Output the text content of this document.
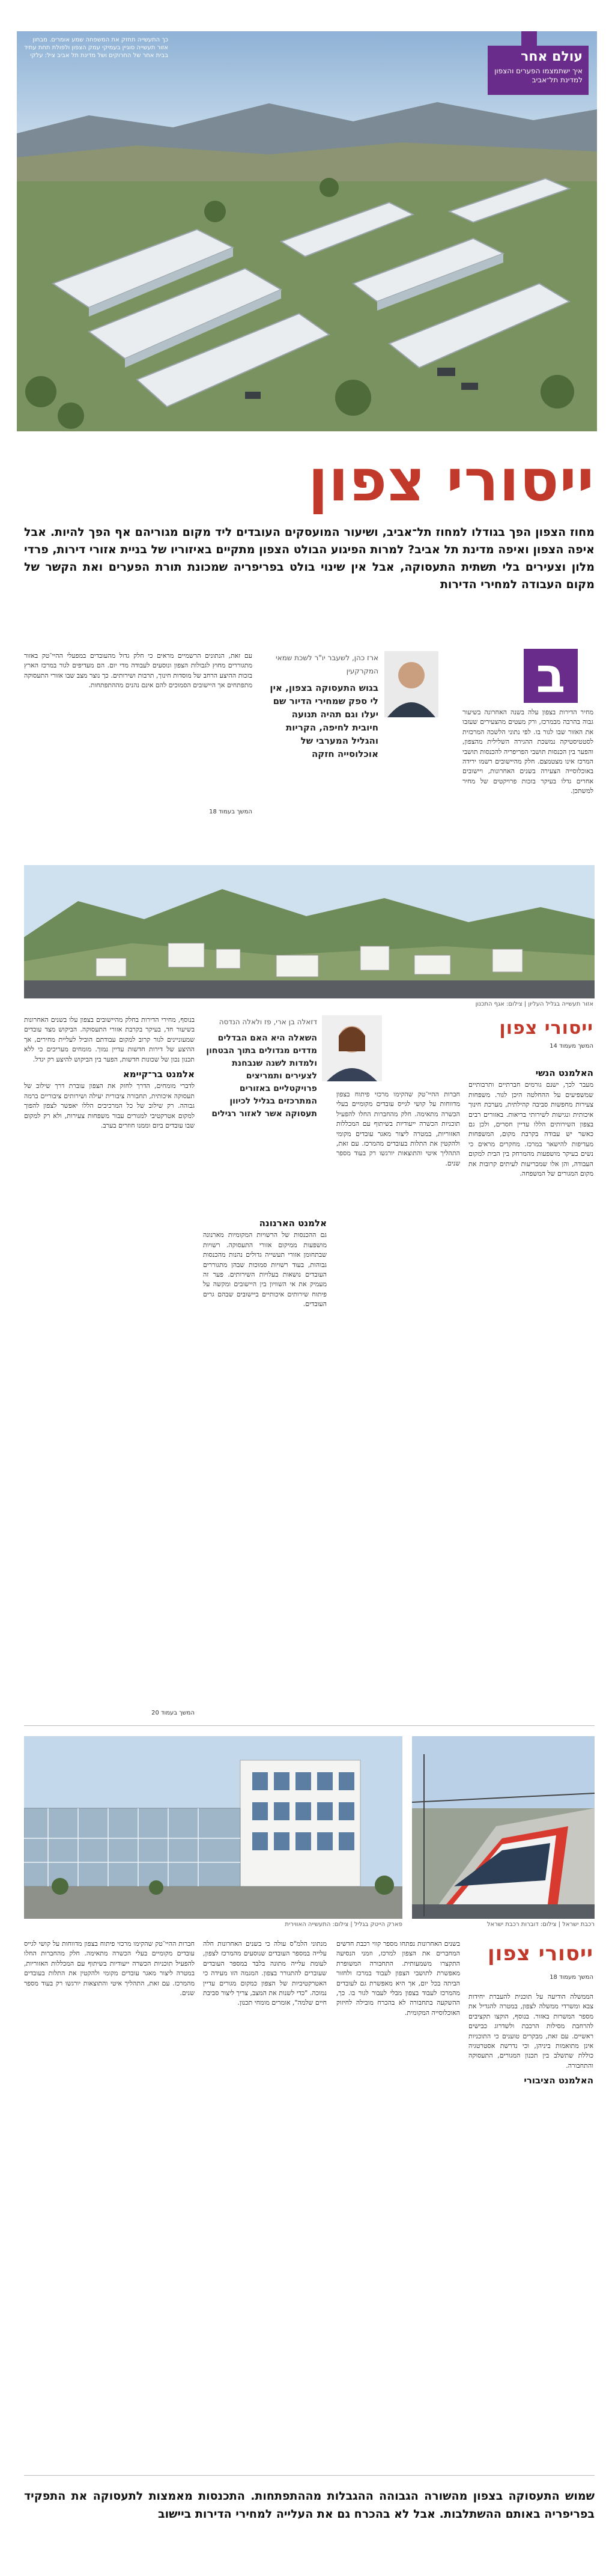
עולם אחר
איך ישתמצמו הפערים והצפון למדינת תל־אביב
כך התעשייה תחזק את המשפחה שמע אומרים. מבחון אזור תעשייה סוגיין בעמיקי עמק הצפון ולפולת תחת עתיד בבית אחר של החרוקים ושל מדינת תל אביב ציל: עלקי
ייסורי צפון
מחוז הצפון הפך בגודלו למחוז תל־אביב, ושיעור המועסקים העובדים ליד מקום מגוריהם אף הפך להיות. אבל איפה הצפון ואיפה מדינת תל אביב? למרות הפיגוע הבולט הצפון מתקיים באיזוריו של בניית אזורי דירות, פרדי מלון וצעירים בלי תשתית התעסוקה, אבל אין שינוי בולט בפריפריה שמכונת תורת הפערים ואת הקשר של מקום העבודה למחירי הדירות
ב
מחיר הדירות בצפון עלה בשנה האחרונה בשיעור גבוה בהרבה מבמרכז, ורק מעטים מהצעירים שעזבו את האזור שבו לגור בו. לפי נתוני הלשכה המרכזית לסטטיסטיקה נמשכת ההגירה השלילית מהצפון, והפער בין הכנסות תושבי הפריפריה להכנסות תושבי המרכז אינו מצטמצם. חלק מהיישובים רשמו ירידה באוכלוסייה הצעירה בשנים האחרונות, ויישובים אחרים גדלו בעיקר בזכות פרויקטים של מחיר למשתכן.
ארז כהן, לשעבר יו"ר לשכת שמאי המקרקעין
בגוש התעסוקה בצפון, אין לי ספק שמחירי הדיור שם יעלו וגם תהיה תנועה חיובית לחיפה, הקריות והגליל המערבי של אוכלוסייה חזקה
עם זאת, הנתונים הרשמיים מראים כי חלק גדול מהעובדים במפעלי ההיי־טק באזור מתגוררים מחוץ לגבולות הצפון ונוסעים לעבודה מדי יום. הם מעדיפים לגור במרכז הארץ בזכות ההיצע הרחב של מוסדות חינוך, תרבות ושירותים. כך נוצר מצב שבו אזורי התעסוקה מתפתחים אך היישובים הסמוכים להם אינם נהנים מההתפתחות.
המשך בעמוד 18
אזור תעשייה בגליל העליון | צילום: אגף התכנון
ייסורי צפון
המשך מעמוד 14
דזאלה בן ארי, פז ולאלה הנדסה
השאלה היא האם הבדלים מדדים מגדולים בתוך הבטחון ולמדות לשנה שנבחנת לצעירים ותמריצים פרויקטליים באזורים המתרכזים בגליל לכיוון תעסוקה אשר לאזור רגילים
האלמנט הנשי

מעבר לכך, ישנם גורמים חברתיים ותרבותיים שמשפיעים על ההחלטה היכן לגור. משפחות צעירות מחפשות סביבה קהילתית, מערכת חינוך איכותית ונגישות לשירותי בריאות. באזורים רבים בצפון השירותים הללו עדיין חסרים, ולכן גם כאשר יש עבודה בקרבת מקום, המשפחות מעדיפות להישאר במרכז. מחקרים מראים כי נשים בעיקר מושפעות מהמרחק בין הבית למקום העבודה, והן אלו שמכריעות לעיתים קרובות את מקום המגורים של המשפחה.

חברות ההיי־טק שהקימו מרכזי פיתוח בצפון מדווחות על קושי לגייס עובדים מקומיים בעלי הכשרה מתאימה. חלק מהחברות החלו להפעיל תוכניות הכשרה ייעודיות בשיתוף עם המכללות האזוריות, במטרה ליצור מאגר עובדים מקומי ולהקטין את התלות בעובדים מהמרכז. עם זאת, התהליך איטי והתוצאות יורגשו רק בעוד מספר שנים.

אלמנט הארנונה

גם ההכנסות של הרשויות המקומיות מארנונה מושפעות ממיקום אזורי התעסוקה. רשויות שבתחומן אזורי תעשייה גדולים נהנות מהכנסות גבוהות, בעוד רשויות סמוכות שבהן מתגוררים העובדים נושאות בעלויות השירותים. פער זה מעמיק את אי השוויון בין היישובים ומקשה על פיתוח שירותים איכותיים ביישובים שבהם גרים העובדים.

בנוסף, מחירי הדירות בחלק מהיישובים בצפון עלו בשנים האחרונות בשיעור חד, בעיקר בקרבת אזורי התעסוקה. הביקוש מצד עובדים שמעוניינים לגור קרוב למקום עבודתם הוביל לעליית מחירים, אך ההיצע של דירות חדשות עדיין נמוך. מומחים מעריכים כי ללא תכנון נכון של שכונות חדשות, הפער בין הביקוש להיצע רק יגדל.

אלמנט בר־קיימא

לדברי מומחים, הדרך לחזק את הצפון עוברת דרך שילוב של תעסוקה איכותית, תחבורה ציבורית יעילה ושירותים ציבוריים ברמה גבוהה. רק שילוב של כל המרכיבים הללו יאפשר לצפון להפוך למקום אטרקטיבי למגורים עבור משפחות צעירות, ולא רק למקום שבו עובדים ביום וממנו חוזרים בערב.

המשך בעמוד 20
רכבת ישראל | צילום: דוברות רכבת ישראל
פארק הייטק בגליל | צילום: התעשייה האווירית
ייסורי צפון
המשך מעמוד 18

הממשלה הודיעה על תוכנית להעברת יחידות צבא ומשרדי ממשלה לצפון, במטרה להגדיל את מספר המשרות באזור. בנוסף, הוקצו תקציבים להרחבת מסילות הרכבת ולשדרוג כבישים ראשיים. עם זאת, מבקרים טוענים כי התוכניות אינן מתואמות ביניהן, וכי נדרשת אסטרטגיה כוללת שתשלב בין תכנון המגורים, התעסוקה והתחבורה.

האלמנט הציבורי

בשנים האחרונות נפתחו מספר קווי רכבת חדשים המחברים את הצפון למרכז, וזמני הנסיעה התקצרו משמעותית. התחבורה המשופרת מאפשרת לתושבי הצפון לעבוד במרכז ולחזור הביתה בכל יום, אך היא מאפשרת גם לעובדים מהמרכז לעבוד בצפון מבלי לעבור לגור בו. כך, ההשקעה בתחבורה לא בהכרח מובילה לחיזוק האוכלוסייה המקומית.

מנתוני הלמ"ס עולה כי בשנים האחרונות חלה עלייה במספר העובדים שנוסעים מהמרכז לצפון, לעומת עלייה מתונה בלבד במספר העובדים שעוברים להתגורר בצפון. המגמה הזו מעידה כי האטרקטיביות של הצפון כמקום מגורים עדיין נמוכה. "כדי לשנות את המצב, צריך ליצור סביבת חיים שלמה", אומרים מומחי תכנון.

חברות ההיי־טק שהקימו מרכזי פיתוח בצפון מדווחות על קושי לגייס עובדים מקומיים בעלי הכשרה מתאימה. חלק מהחברות החלו להפעיל תוכניות הכשרה ייעודיות בשיתוף עם המכללות האזוריות, במטרה ליצור מאגר עובדים מקומי ולהקטין את התלות בעובדים מהמרכז. עם זאת, התהליך איטי והתוצאות יורגשו רק בעוד מספר שנים.

שמוש התעסוקה בצפון מהשורה הגבוהה ההגבלות מההתפתחות. התכנסות מאמצות לתעסוקה את התפקיד בפריפריה באותם ההשתלבות. אבל לא בהכרח גם את העלייה למחירי הדירות ביישוב
